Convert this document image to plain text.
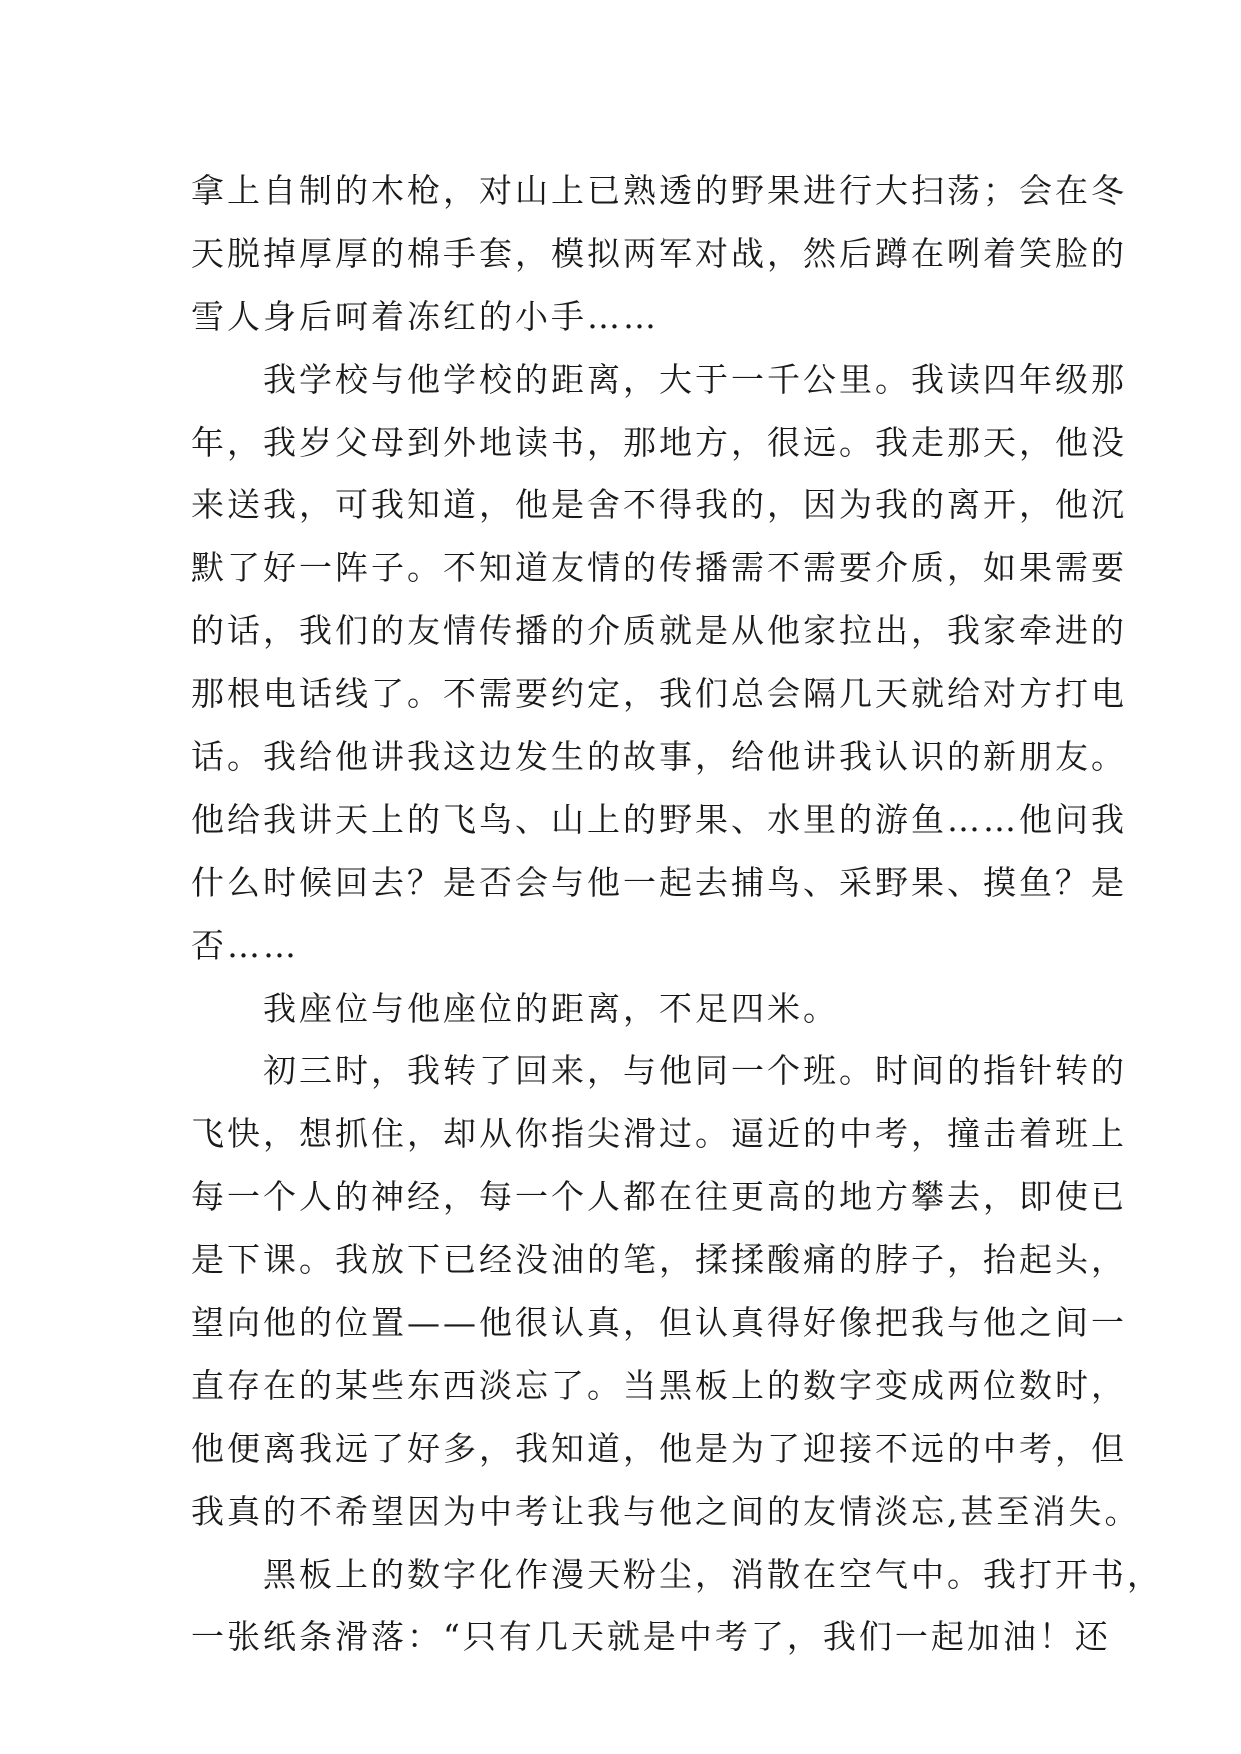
拿上自制的木枪，对山上已熟透的野果进行大扫荡；会在冬
天脱掉厚厚的棉手套，模拟两军对战，然后蹲在咧着笑脸的
雪人身后呵着冻红的小手……
我学校与他学校的距离，大于一千公里。我读四年级那
年，我岁父母到外地读书，那地方，很远。我走那天，他没
来送我，可我知道，他是舍不得我的，因为我的离开，他沉
默了好一阵子。不知道友情的传播需不需要介质，如果需要
的话，我们的友情传播的介质就是从他家拉出，我家牵进的
那根电话线了。不需要约定，我们总会隔几天就给对方打电
话。我给他讲我这边发生的故事，给他讲我认识的新朋友。
他给我讲天上的飞鸟、山上的野果、水里的游鱼……他问我
什么时候回去？是否会与他一起去捕鸟、采野果、摸鱼？是
否……
我座位与他座位的距离，不足四米。
初三时，我转了回来，与他同一个班。时间的指针转的
飞快，想抓住，却从你指尖滑过。逼近的中考，撞击着班上
每一个人的神经，每一个人都在往更高的地方攀去，即使已
是下课。我放下已经没油的笔，揉揉酸痛的脖子，抬起头，
望向他的位置——他很认真，但认真得好像把我与他之间一
直存在的某些东西淡忘了。当黑板上的数字变成两位数时，
他便离我远了好多，我知道，他是为了迎接不远的中考，但
我真的不希望因为中考让我与他之间的友情淡忘,甚至消失。
黑板上的数字化作漫天粉尘，消散在空气中。我打开书，
一张纸条滑落：“只有几天就是中考了，我们一起加油！还
